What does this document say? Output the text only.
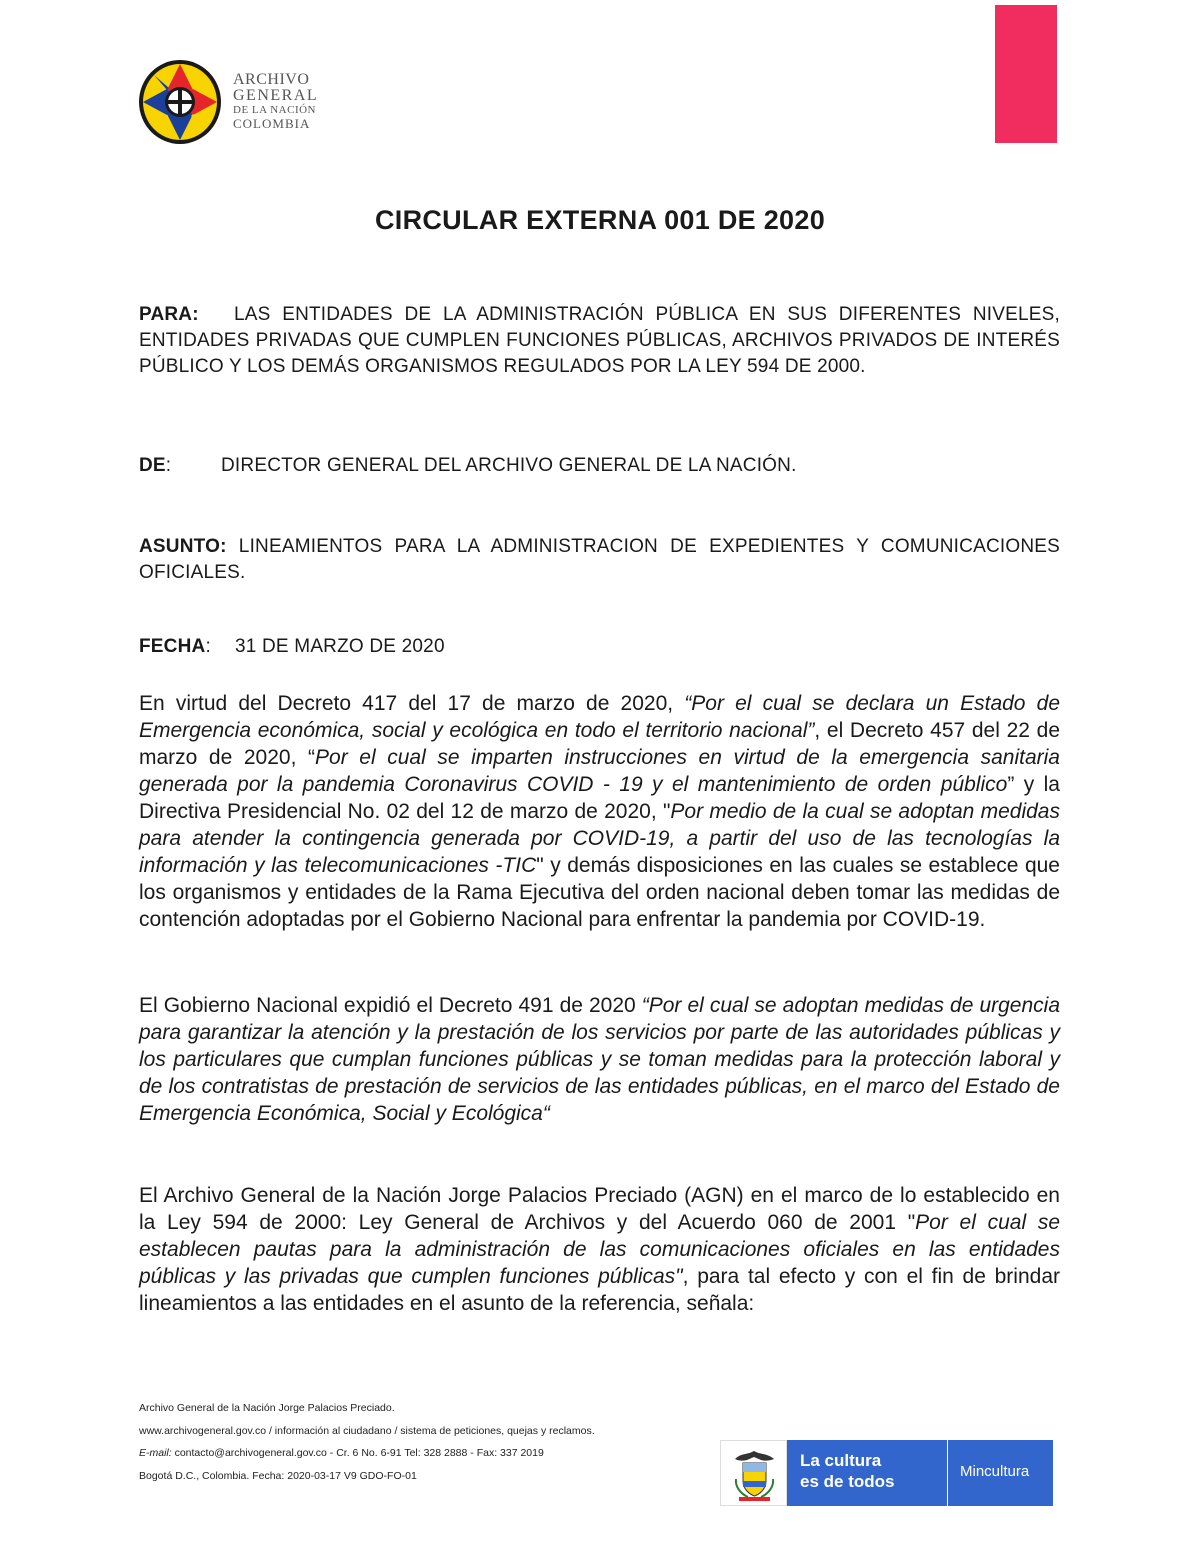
ARCHIVO
GENERAL
DE LA NACIÓN
COLOMBIA
CIRCULAR EXTERNA 001 DE 2020
PARA: LAS ENTIDADES DE LA ADMINISTRACIÓN PÚBLICA EN SUS DIFERENTES NIVELES, ENTIDADES PRIVADAS QUE CUMPLEN FUNCIONES PÚBLICAS, ARCHIVOS PRIVADOS DE INTERÉS PÚBLICO Y LOS DEMÁS ORGANISMOS REGULADOS POR LA LEY 594 DE 2000.
DE:	DIRECTOR GENERAL DEL ARCHIVO GENERAL DE LA NACIÓN.
ASUNTO: LINEAMIENTOS PARA LA ADMINISTRACION DE EXPEDIENTES Y COMUNICACIONES OFICIALES.
FECHA: 31 DE MARZO DE 2020
En virtud del Decreto 417 del 17 de marzo de 2020, “Por el cual se declara un Estado de Emergencia económica, social y ecológica en todo el territorio nacional”, el Decreto 457 del 22 de marzo de 2020, “Por el cual se imparten instrucciones en virtud de la emergencia sanitaria generada por la pandemia Coronavirus COVID - 19 y el mantenimiento de orden público” y la Directiva Presidencial No. 02 del 12 de marzo de 2020, "Por medio de la cual se adoptan medidas para atender la contingencia generada por COVID-19, a partir del uso de las tecnologías la información y las telecomunicaciones -TIC" y demás disposiciones en las cuales se establece que los organismos y entidades de la Rama Ejecutiva del orden nacional deben tomar las medidas de contención adoptadas por el Gobierno Nacional para enfrentar la pandemia por COVID-19.
El Gobierno Nacional expidió el Decreto 491 de 2020 “Por el cual se adoptan medidas de urgencia para garantizar la atención y la prestación de los servicios por parte de las autoridades públicas y los particulares que cumplan funciones públicas y se toman medidas para la protección laboral y de los contratistas de prestación de servicios de las entidades públicas, en el marco del Estado de Emergencia Económica, Social y Ecológica“
El Archivo General de la Nación Jorge Palacios Preciado (AGN) en el marco de lo establecido en la Ley 594 de 2000: Ley General de Archivos y del Acuerdo 060 de 2001 "Por el cual se establecen pautas para la administración de las comunicaciones oficiales en las entidades públicas y las privadas que cumplen funciones públicas", para tal efecto y con el fin de brindar lineamientos a las entidades en el asunto de la referencia, señala:
Archivo General de la Nación Jorge Palacios Preciado.
www.archivogeneral.gov.co / información al ciudadano / sistema de peticiones, quejas y reclamos.
E-mail: contacto@archivogeneral.gov.co - Cr. 6 No. 6-91 Tel: 328 2888 - Fax: 337 2019
Bogotá D.C., Colombia. Fecha: 2020-03-17 V9 GDO-FO-01
La cultura
es de todos
Mincultura
